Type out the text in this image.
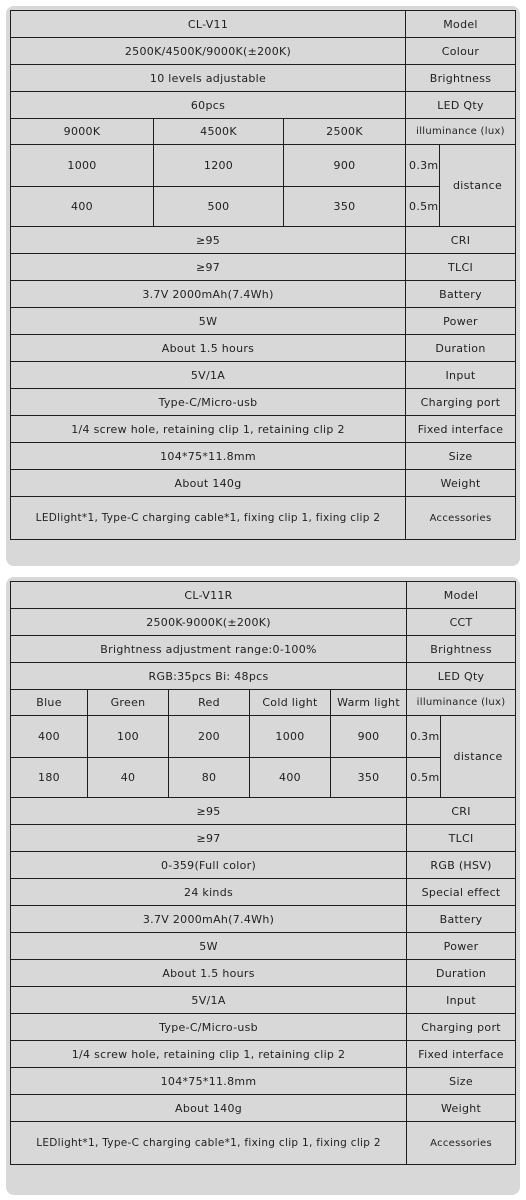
CL-V11			Model	
2500K/4500K/9000K(±200K)			Colour	
10 levels adjustable			Brightness	
60pcs			LED Qty	
9000K	4500K	2500K	illuminance (lux)	
1000	1200	900	0.3m	distance
400	500	350	0.5m	
≥95			CRI	
≥97			TLCI	
3.7V 2000mAh(7.4Wh)			Battery	
5W			Power	
About 1.5 hours			Duration	
5V/1A			Input	
Type-C/Micro-usb			Charging port	
1/4 screw hole, retaining clip 1, retaining clip 2			Fixed interface	
104*75*11.8mm			Size	
About 140g			Weight	
LEDlight*1, Type-C charging cable*1, fixing clip 1, fixing clip 2			Accessories	
CL-V11R					Model	
2500K-9000K(±200K)					CCT	
Brightness adjustment range:0-100%					Brightness	
RGB:35pcs Bi: 48pcs					LED Qty	
Blue	Green	Red	Cold light	Warm light	illuminance (lux)	
400	100	200	1000	900	0.3m	distance
180	40	80	400	350	0.5m	
≥95					CRI	
≥97					TLCI	
0-359(Full color)					RGB (HSV)	
24 kinds					Special effect	
3.7V 2000mAh(7.4Wh)					Battery	
5W					Power	
About 1.5 hours					Duration	
5V/1A					Input	
Type-C/Micro-usb					Charging port	
1/4 screw hole, retaining clip 1, retaining clip 2					Fixed interface	
104*75*11.8mm					Size	
About 140g					Weight	
LEDlight*1, Type-C charging cable*1, fixing clip 1, fixing clip 2					Accessories	
